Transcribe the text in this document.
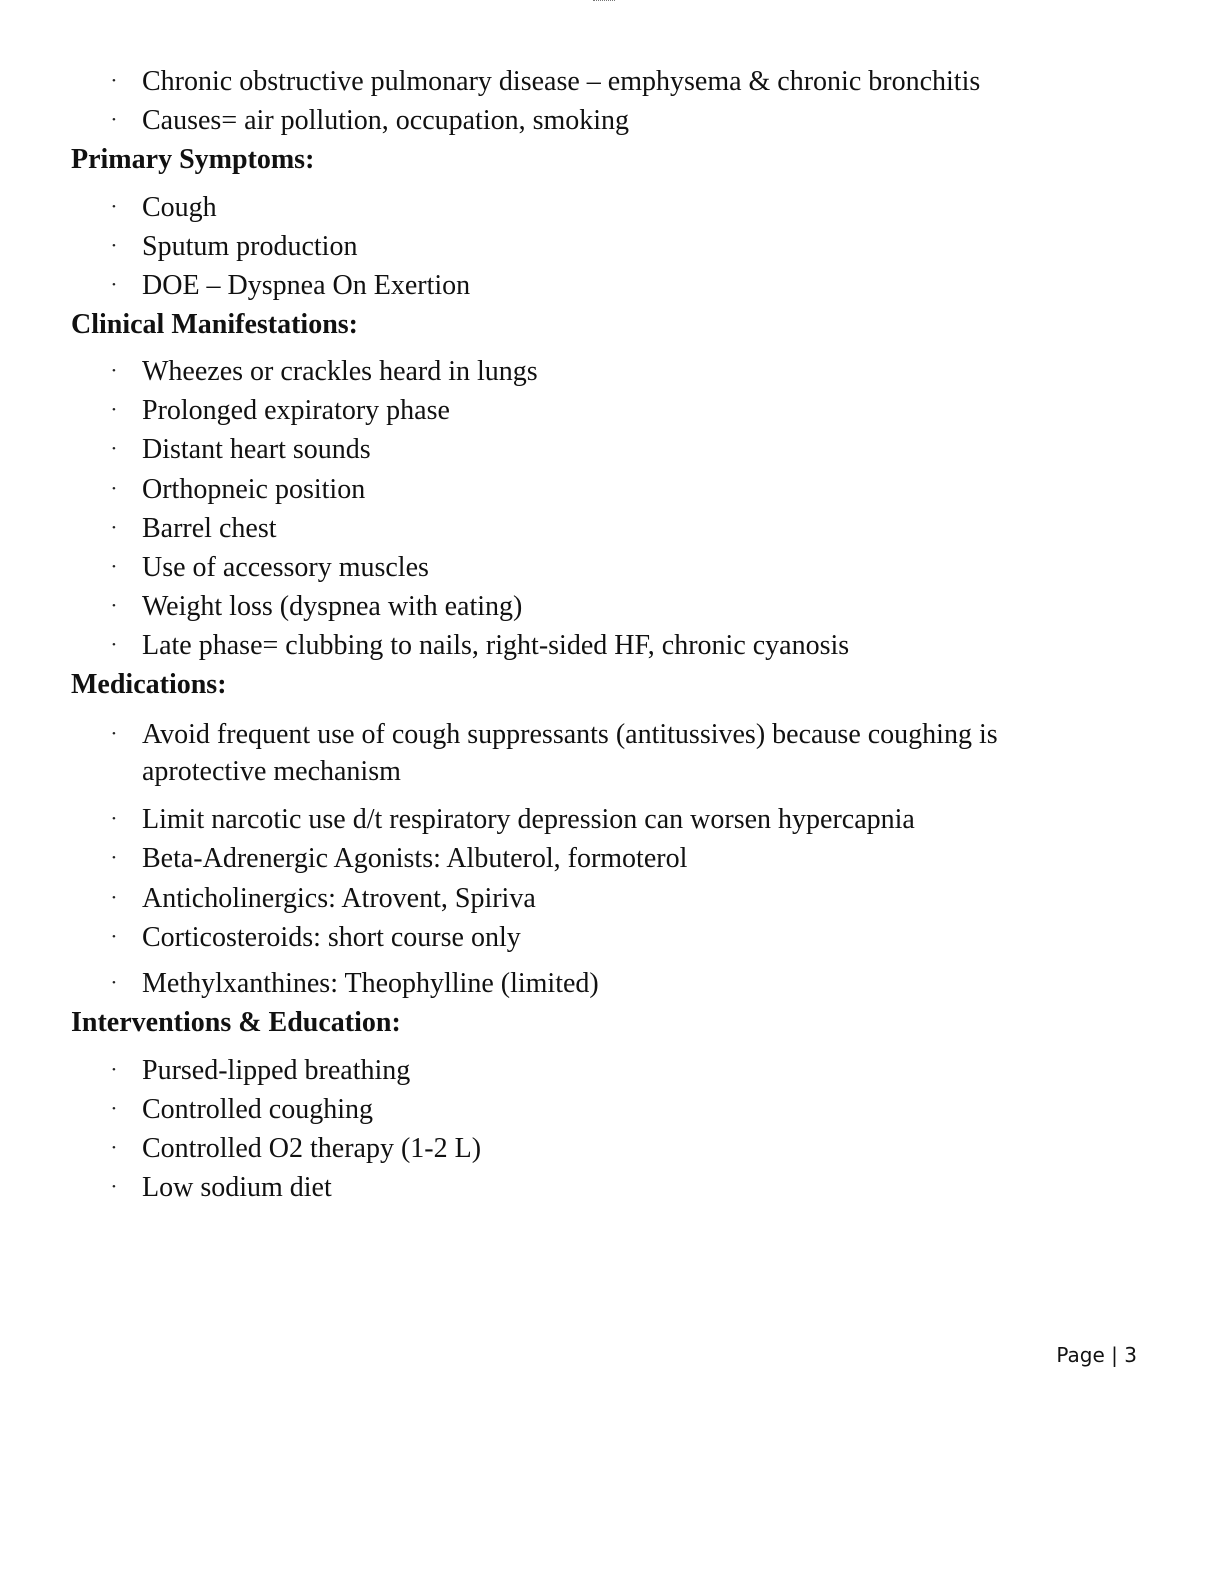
• Chronic obstructive pulmonary disease – emphysema & chronic bronchitis
• Causes= air pollution, occupation, smoking
Primary Symptoms:
• Cough
• Sputum production
• DOE – Dyspnea On Exertion
Clinical Manifestations:
• Wheezes or crackles heard in lungs
• Prolonged expiratory phase
• Distant heart sounds
• Orthopneic position
• Barrel chest
• Use of accessory muscles
• Weight loss (dyspnea with eating)
• Late phase= clubbing to nails, right-sided HF, chronic cyanosis
Medications:
• Avoid frequent use of cough suppressants (antitussives) because coughing is aprotective mechanism
• Limit narcotic use d/t respiratory depression can worsen hypercapnia
• Beta-Adrenergic Agonists: Albuterol, formoterol
• Anticholinergics: Atrovent, Spiriva
• Corticosteroids: short course only
• Methylxanthines: Theophylline (limited)
Interventions & Education:
• Pursed-lipped breathing
• Controlled coughing
• Controlled O2 therapy (1-2 L)
• Low sodium diet
Page | 3
